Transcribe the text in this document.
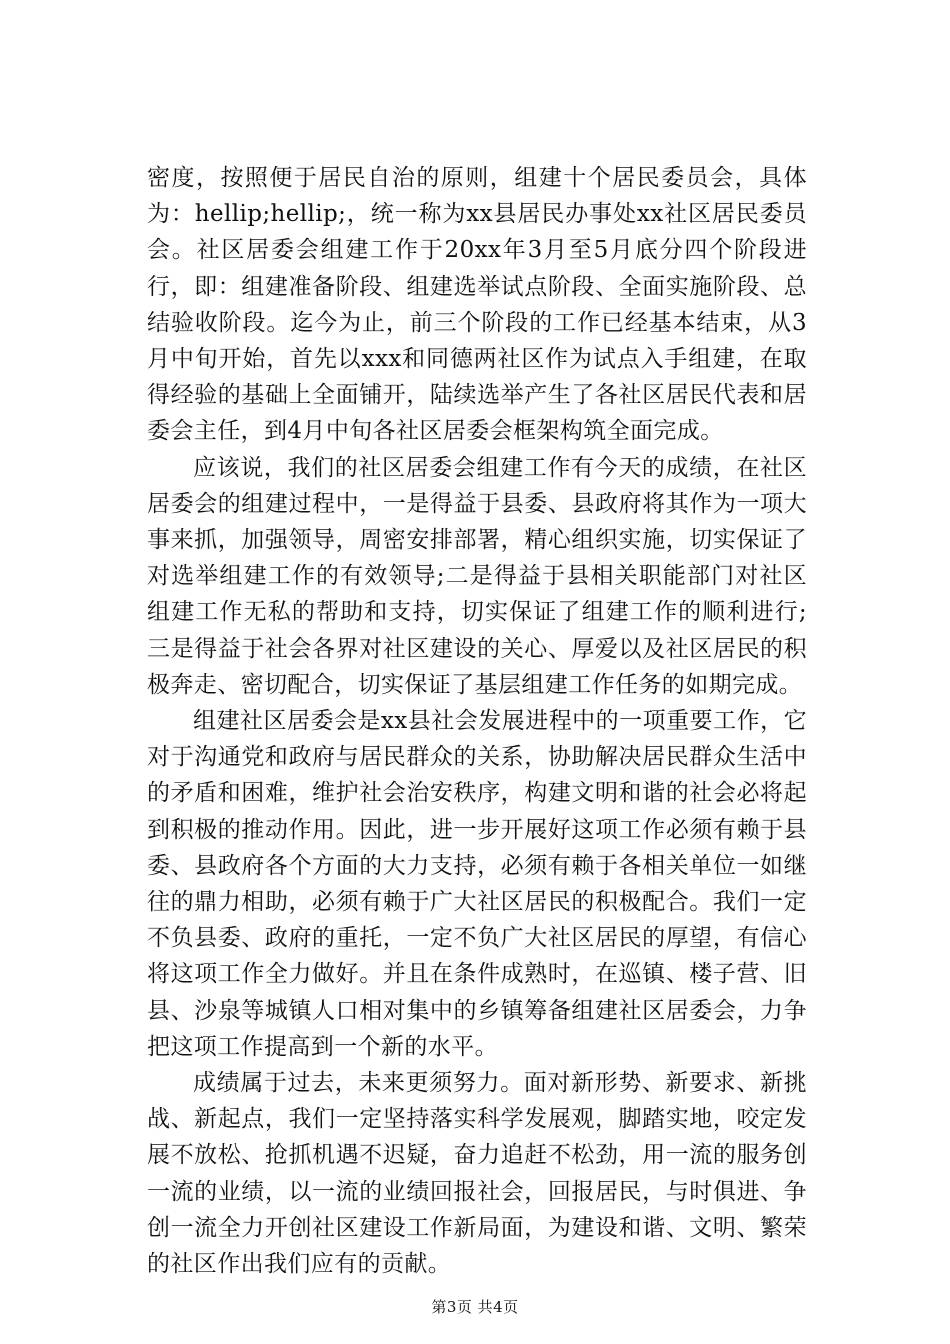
密度，按照便于居民自治的原则，组建十个居民委员会，具体为：hellip;hellip;，统一称为xx县居民办事处xx社区居民委员会。社区居委会组建工作于20xx年3月至5月底分四个阶段进行，即：组建准备阶段、组建选举试点阶段、全面实施阶段、总结验收阶段。迄今为止，前三个阶段的工作已经基本结束，从3月中旬开始，首先以xxx和同德两社区作为试点入手组建，在取得经验的基础上全面铺开，陆续选举产生了各社区居民代表和居委会主任，到4月中旬各社区居委会框架构筑全面完成。

应该说，我们的社区居委会组建工作有今天的成绩，在社区居委会的组建过程中，一是得益于县委、县政府将其作为一项大事来抓，加强领导，周密安排部署，精心组织实施，切实保证了对选举组建工作的有效领导;二是得益于县相关职能部门对社区组建工作无私的帮助和支持，切实保证了组建工作的顺利进行;三是得益于社会各界对社区建设的关心、厚爱以及社区居民的积极奔走、密切配合，切实保证了基层组建工作任务的如期完成。

组建社区居委会是xx县社会发展进程中的一项重要工作，它对于沟通党和政府与居民群众的关系，协助解决居民群众生活中的矛盾和困难，维护社会治安秩序，构建文明和谐的社会必将起到积极的推动作用。因此，进一步开展好这项工作必须有赖于县委、县政府各个方面的大力支持，必须有赖于各相关单位一如继往的鼎力相助，必须有赖于广大社区居民的积极配合。我们一定不负县委、政府的重托，一定不负广大社区居民的厚望，有信心将这项工作全力做好。并且在条件成熟时，在巡镇、楼子营、旧县、沙泉等城镇人口相对集中的乡镇筹备组建社区居委会，力争把这项工作提高到一个新的水平。

成绩属于过去，未来更须努力。面对新形势、新要求、新挑战、新起点，我们一定坚持落实科学发展观，脚踏实地，咬定发展不放松、抢抓机遇不迟疑，奋力追赶不松劲，用一流的服务创一流的业绩，以一流的业绩回报社会，回报居民，与时俱进、争创一流全力开创社区建设工作新局面，为建设和谐、文明、繁荣的社区作出我们应有的贡献。

第3页 共4页
